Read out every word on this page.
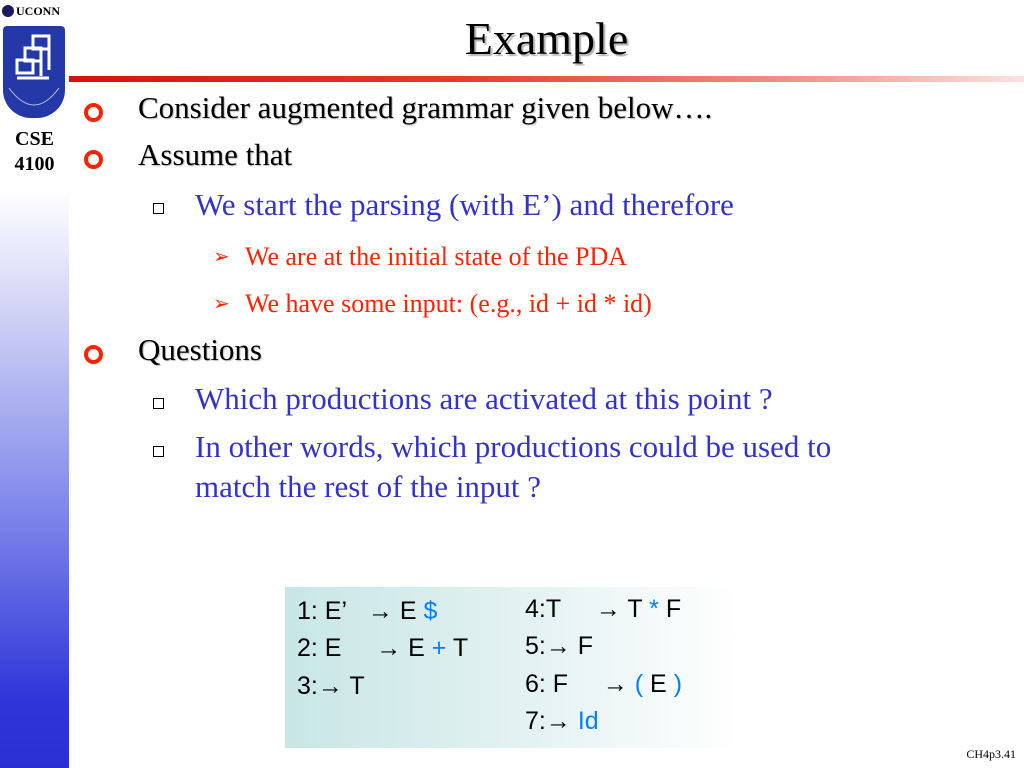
UCONN
CSE
4100
Example
Consider augmented grammar given below….
Assume that
We start the parsing (with E’) and therefore
➢ We are at the initial state of the PDA
➢ We have some input: (e.g., id + id * id)
Questions
Which productions are activated at this point ?
In other words, which productions could be used to
match the rest of the input ?
1: E’ → E $
2: E → E + T
3:→ T
4:T → T * F
5:→ F
6: F → ( E )
7:→ Id
CH4p3.41
